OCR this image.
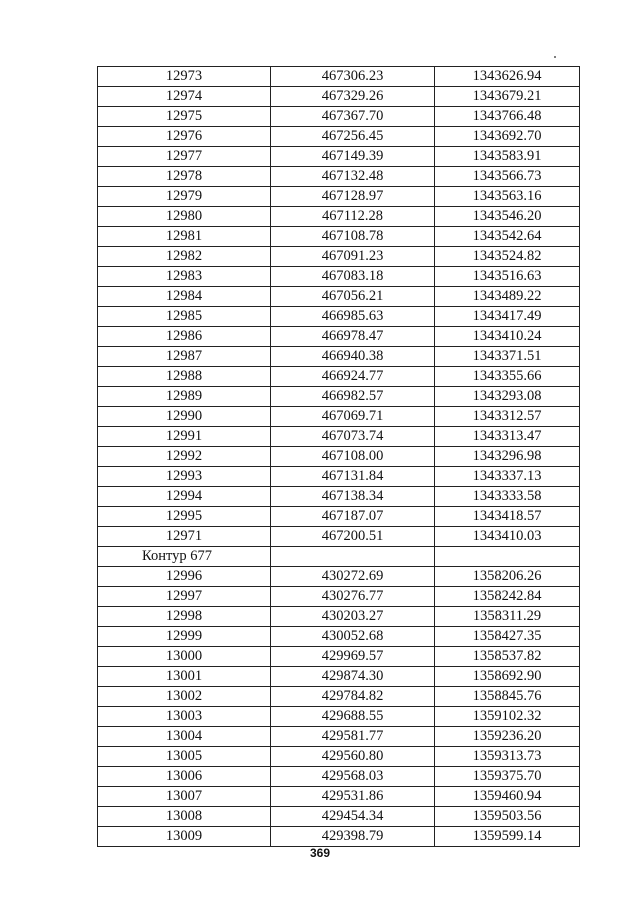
12973	467306.23	1343626.94
12974	467329.26	1343679.21
12975	467367.70	1343766.48
12976	467256.45	1343692.70
12977	467149.39	1343583.91
12978	467132.48	1343566.73
12979	467128.97	1343563.16
12980	467112.28	1343546.20
12981	467108.78	1343542.64
12982	467091.23	1343524.82
12983	467083.18	1343516.63
12984	467056.21	1343489.22
12985	466985.63	1343417.49
12986	466978.47	1343410.24
12987	466940.38	1343371.51
12988	466924.77	1343355.66
12989	466982.57	1343293.08
12990	467069.71	1343312.57
12991	467073.74	1343313.47
12992	467108.00	1343296.98
12993	467131.84	1343337.13
12994	467138.34	1343333.58
12995	467187.07	1343418.57
12971	467200.51	1343410.03
Контур 677		
12996	430272.69	1358206.26
12997	430276.77	1358242.84
12998	430203.27	1358311.29
12999	430052.68	1358427.35
13000	429969.57	1358537.82
13001	429874.30	1358692.90
13002	429784.82	1358845.76
13003	429688.55	1359102.32
13004	429581.77	1359236.20
13005	429560.80	1359313.73
13006	429568.03	1359375.70
13007	429531.86	1359460.94
13008	429454.34	1359503.56
13009	429398.79	1359599.14
369
